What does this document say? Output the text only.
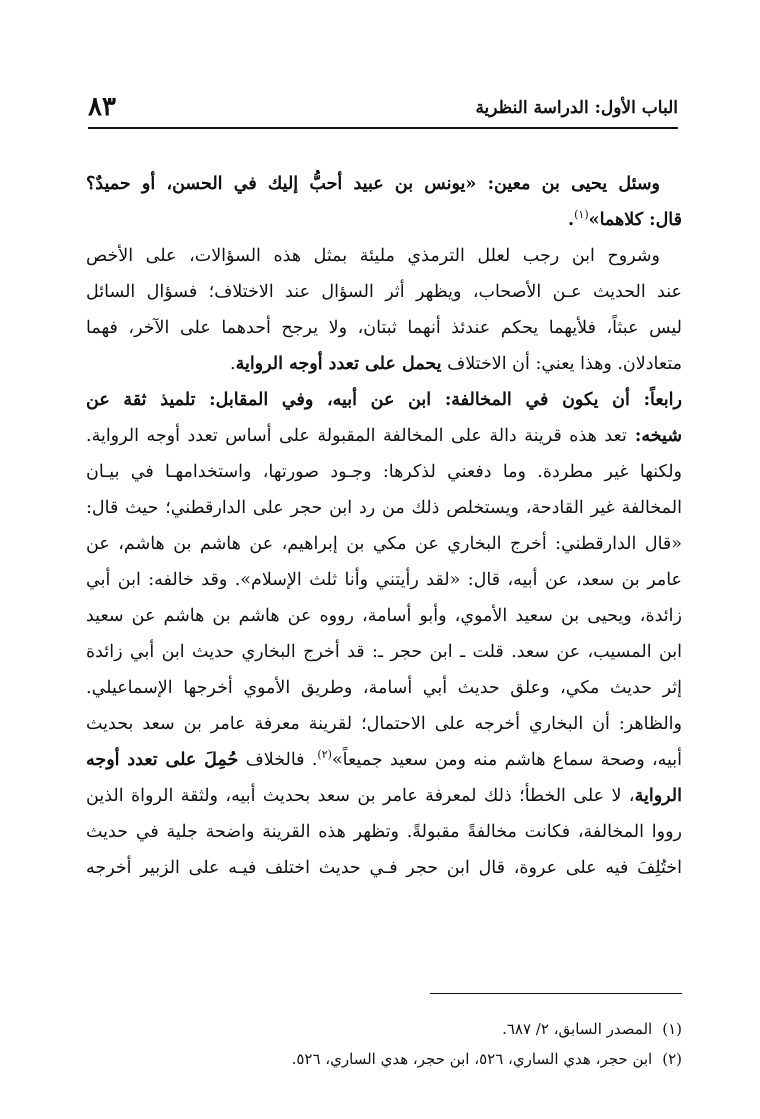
الباب الأول: الدراسة النظرية
٨٣
وسئل يحيى بن معين: «يونس بن عبيد أحبُّ إليك في الحسن، أو حميدٌ؟
قال: كلاهما»$^{(١)}$.
وشروح ابن رجب لعلل الترمذي مليئة بمثل هذه السؤالات، على الأخص
عند الحديث عـن الأصحاب، ويظهر أثر السؤال عند الاختلاف؛ فسؤال السائل
ليس عبثاً، فلأيهما يحكم عندئذ أنهما ثبتان، ولا يرجح أحدهما على الآخر، فهما
متعادلان. وهذا يعني: أن الاختلاف يحمل على تعدد أوجه الرواية.
رابعاً: أن يكون في المخالفة: ابن عن أبيه، وفي المقابل: تلميذ ثقة عن
شيخه: تعد هذه قرينة دالة على المخالفة المقبولة على أساس تعدد أوجه الرواية.
ولكنها غير مطردة. وما دفعني لذكرها: وجـود صورتها، واستخدامهـا في بيـان
المخالفة غير القادحة، ويستخلص ذلك من رد ابن حجر على الدارقطني؛ حيث قال:
«قال الدارقطني: أخرج البخاري عن مكي بن إبراهيم، عن هاشم بن هاشم، عن
عامر بن سعد، عن أبيه، قال: «لقد رأيتني وأنا ثلث الإسلام». وقد خالفه: ابن أبي
زائدة، ويحيى بن سعيد الأموي، وأبو أسامة، رووه عن هاشم بن هاشم عن سعيد
ابن المسيب، عن سعد. قلت ـ ابن حجر ـ: قد أخرج البخاري حديث ابن أبي زائدة
إثر حديث مكي، وعلق حديث أبي أسامة، وطريق الأموي أخرجها الإسماعيلي.
والظاهر: أن البخاري أخرجه على الاحتمال؛ لقرينة معرفة عامر بن سعد بحديث
أبيه، وصحة سماع هاشم منه ومن سعيد جميعاً»$^{(٢)}$. فالخلاف حُمِلَ على تعدد أوجه
الرواية، لا على الخطأ؛ ذلك لمعرفة عامر بن سعد بحديث أبيه، ولثقة الرواة الذين
رووا المخالفة، فكانت مخالفةً مقبولةً. وتظهر هذه القرينة واضحة جلية في حديث
اختُلِفَ فيه على عروة، قال ابن حجر فـي حديث اختلف فيـه على الزبير أخرجه
(١)المصدر السابق، ٢/ ٦٨٧.
(٢)ابن حجر، هدي الساري، ٥٢٦، ابن حجر، هدي الساري، ٥٢٦.
